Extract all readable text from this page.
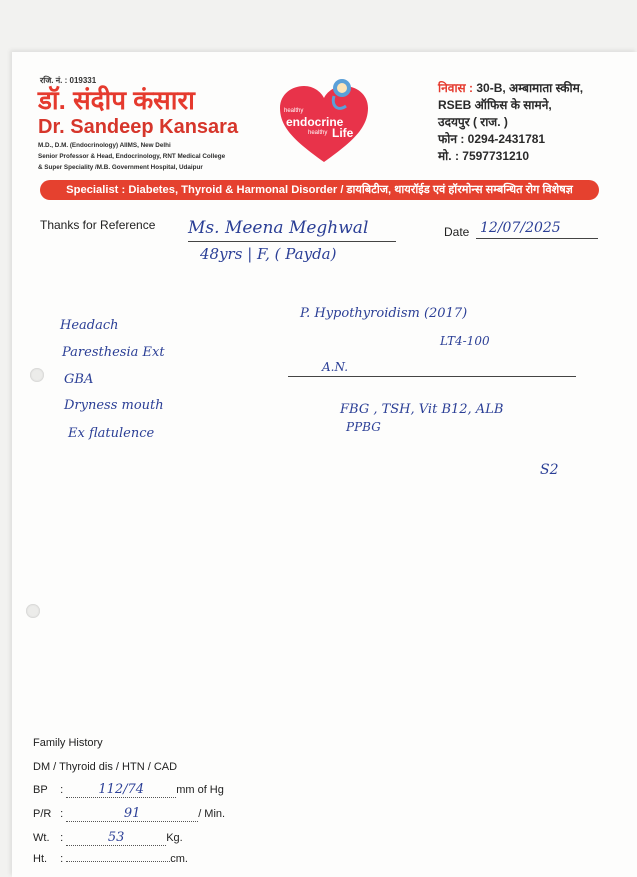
रजि. नं. : 019331
डॉ. संदीप कंसारा
Dr. Sandeep Kansara
M.D., D.M. (Endocrinology) AIIMS, New Delhi
Senior Professor & Head, Endocrinology, RNT Medical College
& Super Speciality /M.B. Government Hospital, Udaipur
healthy
endocrine
healthy Life
निवास : 30-B, अम्बामाता स्कीम,
RSEB ऑफिस के सामने,
उदयपुर ( राज. )
फोन : 0294-2431781
मो. : 7597731210
Specialist : Diabetes, Thyroid & Harmonal Disorder / डायबिटीज, थायरॉईड एवं हॉरमोन्स सम्बन्धित रोग विशेषज्ञ
Thanks for Reference Ms. Meena Meghwal
48yrs | F, ( Payda)
Date 12/07/2025
Headach
Paresthesia Ext
GBA
Dryness mouth
Ex flatulence
P. Hypothyroidism (2017)
LT4-100
A.N.
FBG , TSH, Vit B12, ALB
PPBG
S2
Family History
DM / Thyroid dis / HTN / CAD
BP :	112/74	mm of Hg
P/R :	91	/ Min.
Wt. :	53	Kg.
Ht. :	cm.
